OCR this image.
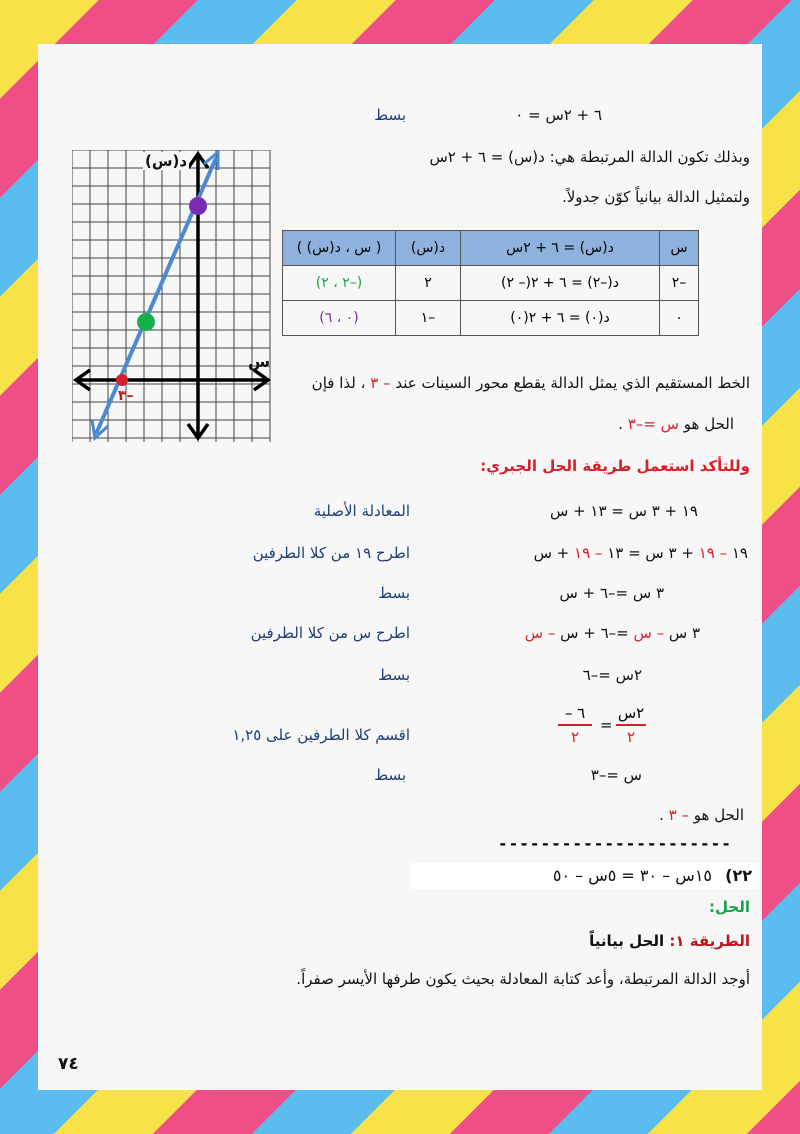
٦ + ٢س = ٠
بسط
وبذلك تكون الدالة المرتبطة هي: د(س) = ٦ + ٢س
ولتمثيل الدالة بيانياً كوّن جدولاً.
د(س)
س
–٣
س	د(س) = ٦ + ٢س	د(س)	( س ، د(س) )
–٢	د(–٢) = ٦ + ٢(– ٢)	٢	(–٢ ، ٢)
٠	د(٠) = ٦ + ٢(٠)	–١	(٠ ، ٦)
الخط المستقيم الذي يمثل الدالة يقطع محور السينات عند – ٣ ، لذا فإن
الحل هو س =–٣ .
وللتأكد استعمل طريقة الحل الجبري:
١٩ + ٣ س = ١٣ + س
المعادلة الأصلية
١٩ – ١٩ + ٣ س = ١٣ – ١٩ + س
اطرح ١٩ من كلا الطرفين
٣ س =–٦ + س
بسط
٣ س – س =–٦ + س – س
اطرح س من كلا الطرفين
٢س =–٦
بسط
٢س
٢
=
– ٦
٢
اقسم كلا الطرفين على ١,٢٥
س =–٣
بسط
الحل هو – ٣ .
----------------------
٢٢)
١٥س – ٣٠ = ٥س – ٥٠
الحل:
الطريقة ١: الحل بيانياً
أوجد الدالة المرتبطة، وأعد كتابة المعادلة بحيث يكون طرفها الأيسر صفراً.
٧٤
